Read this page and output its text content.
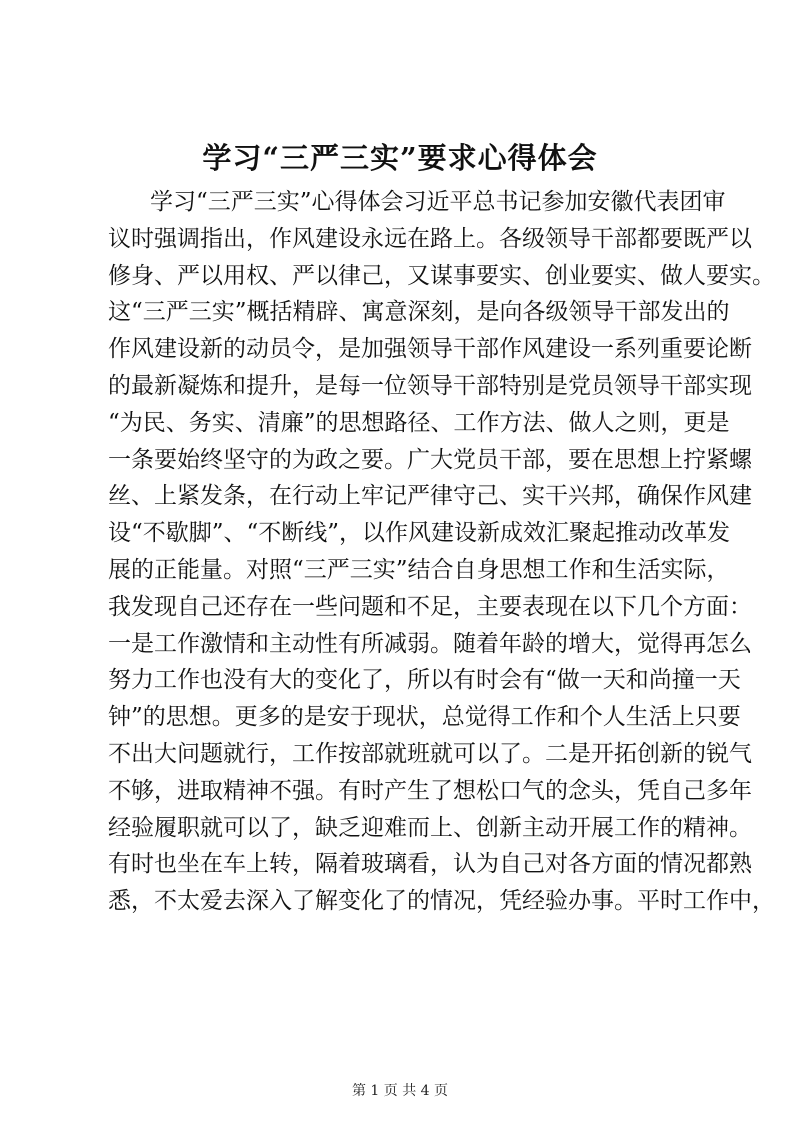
学习“三严三实”要求心得体会
学习“三严三实”心得体会习近平总书记参加安徽代表团审
议时强调指出，作风建设永远在路上。各级领导干部都要既严以
修身、严以用权、严以律己，又谋事要实、创业要实、做人要实。
这“三严三实”概括精辟、寓意深刻，是向各级领导干部发出的
作风建设新的动员令，是加强领导干部作风建设一系列重要论断
的最新凝炼和提升，是每一位领导干部特别是党员领导干部实现
“为民、务实、清廉”的思想路径、工作方法、做人之则，更是
一条要始终坚守的为政之要。广大党员干部，要在思想上拧紧螺
丝、上紧发条，在行动上牢记严律守己、实干兴邦，确保作风建
设“不歇脚”、“不断线”，以作风建设新成效汇聚起推动改革发
展的正能量。对照“三严三实”结合自身思想工作和生活实际，
我发现自己还存在一些问题和不足，主要表现在以下几个方面：
一是工作激情和主动性有所减弱。随着年龄的增大，觉得再怎么
努力工作也没有大的变化了，所以有时会有“做一天和尚撞一天
钟”的思想。更多的是安于现状，总觉得工作和个人生活上只要
不出大问题就行，工作按部就班就可以了。二是开拓创新的锐气
不够，进取精神不强。有时产生了想松口气的念头，凭自己多年
经验履职就可以了，缺乏迎难而上、创新主动开展工作的精神。
有时也坐在车上转，隔着玻璃看，认为自己对各方面的情况都熟
悉，不太爱去深入了解变化了的情况，凭经验办事。平时工作中，
第 1 页 共 4 页
